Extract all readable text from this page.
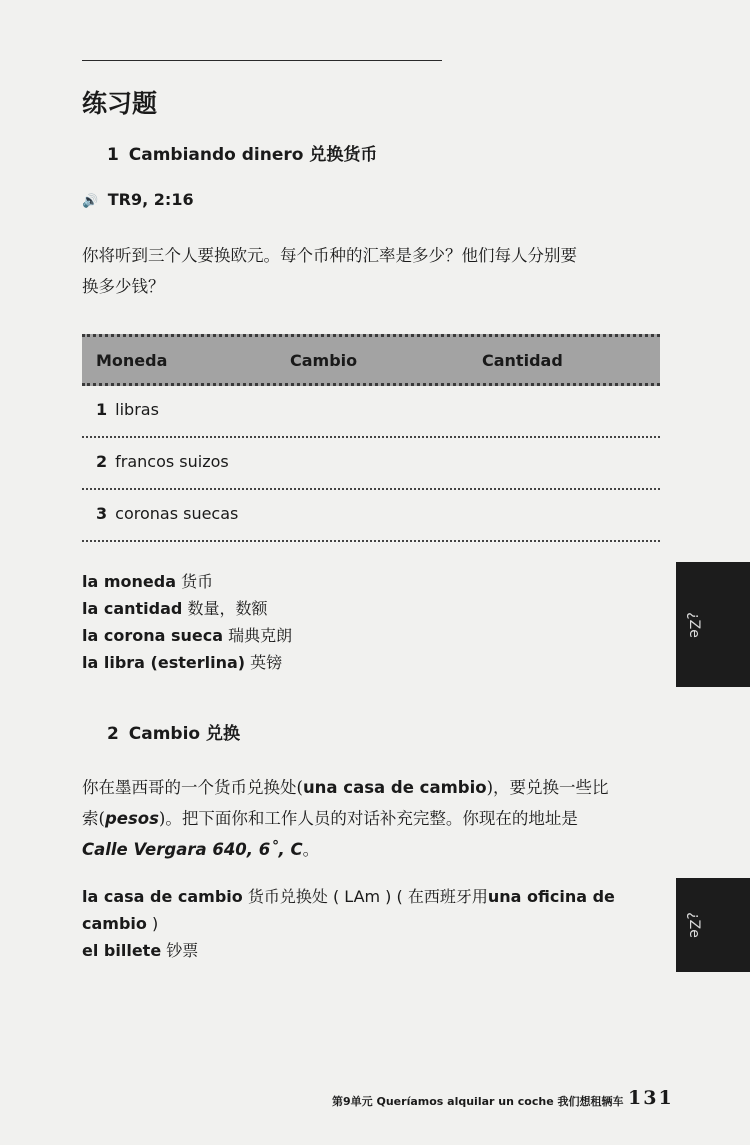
练习题
1 Cambiando dinero 兑换货币
🔊 TR9, 2:16

你将听到三个人要换欧元。每个币种的汇率是多少？他们每人分别要
换多少钱？

Moneda	Cambio	Cantidad
1 libras
2 francos suizos
3 coronas suecas
la moneda 货币
la cantidad 数量，数额
la corona sueca 瑞典克朗
la libra (esterlina) 英镑
¿Ze
2 Cambio 兑换

你在墨西哥的一个货币兑换处(una casa de cambio)，要兑换一些比
索(pesos)。把下面你和工作人员的对话补充完整。你现在的地址是
Calle Vergara 640, 6˚, C。

la casa de cambio 货币兑换处 ( LAm ) ( 在西班牙用una oficina de
cambio )
el billete 钞票
¿Ze
第9单元 Queríamos alquilar un coche 我们想租辆车 131
